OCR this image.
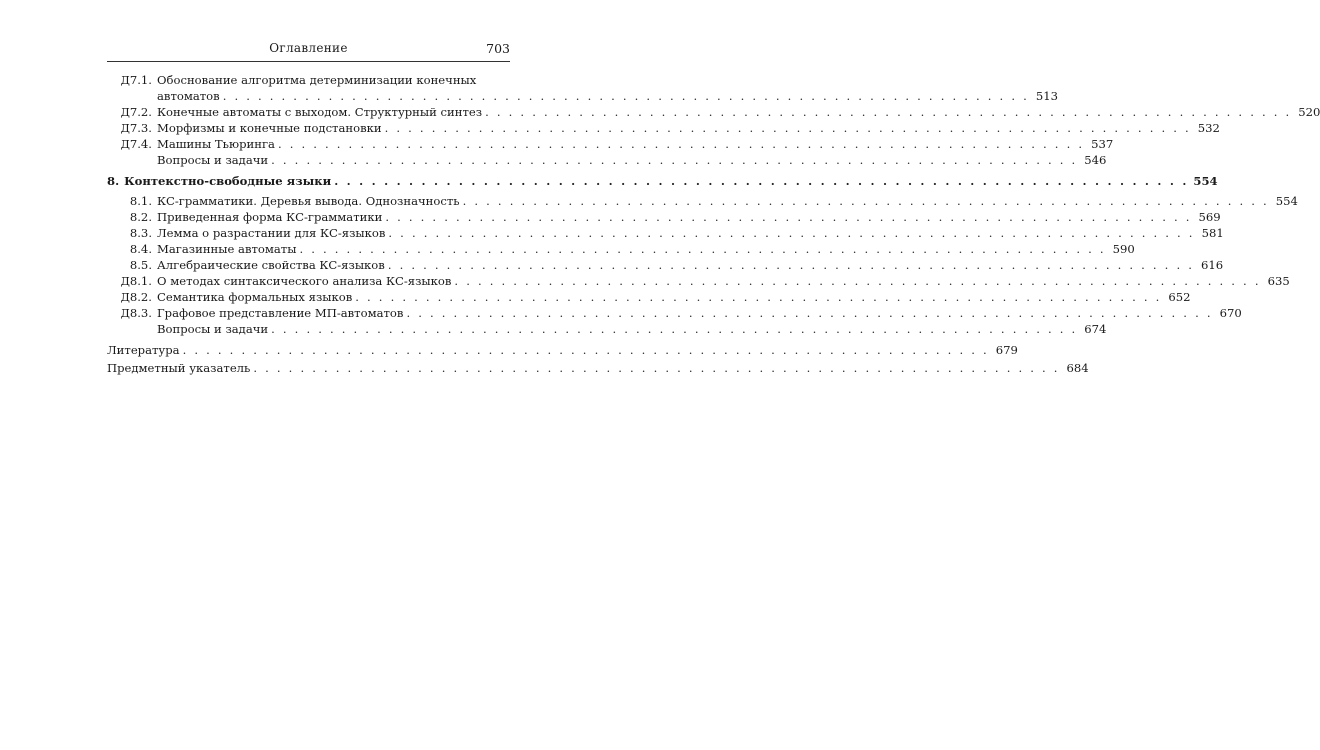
Оглавление	703
Д7.1. Обоснование алгоритма детерминизации конечных
автоматов . . .	513
Д7.2. Конечные автоматы с выходом. Структурный синтез . . .	520
Д7.3. Морфизмы и конечные подстановки . . .	532
Д7.4. Машины Тьюринга . . .	537
Вопросы и задачи . . .	546
8. Контекстно-свободные языки . . .	554
8.1. КС-грамматики. Деревья вывода. Однозначность . . .	554
8.2. Приведенная форма КС-грамматики . . .	569
8.3. Лемма о разрастании для КС-языков . . .	581
8.4. Магазинные автоматы . . .	590
8.5. Алгебраические свойства КС-языков . . .	616
Д8.1. О методах синтаксического анализа КС-языков . . .	635
Д8.2. Семантика формальных языков . . .	652
Д8.3. Графовое представление МП-автоматов . . .	670
Вопросы и задачи . . .	674
Литература . . .	679
Предметный указатель . . .	684
